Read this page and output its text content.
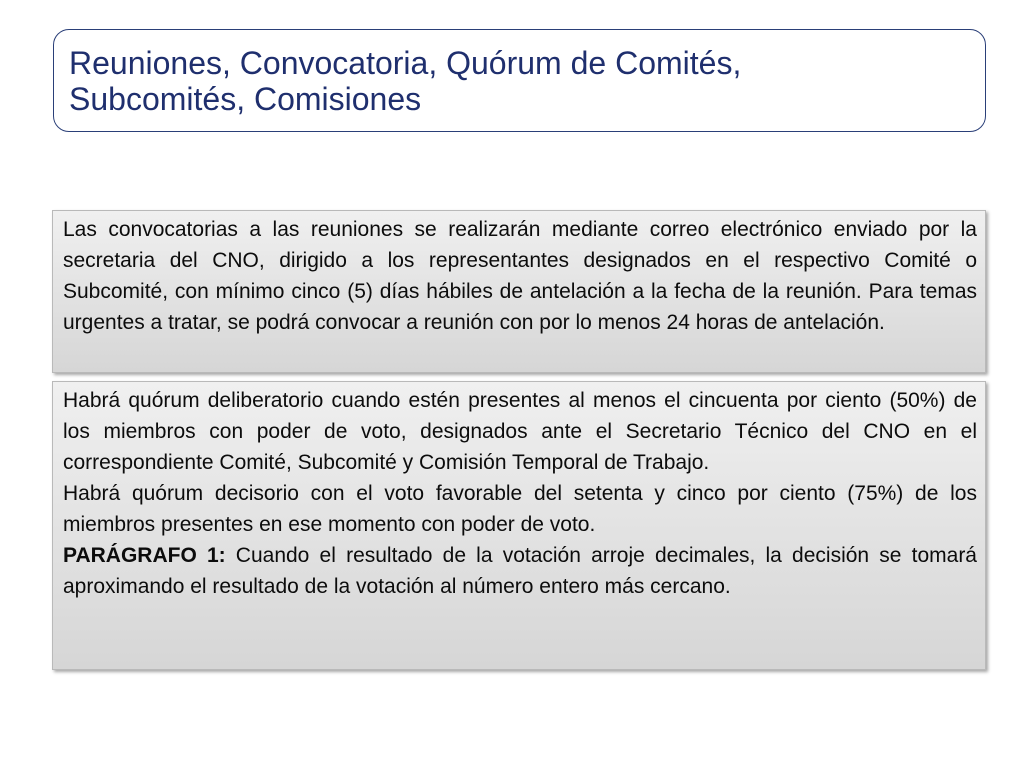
Reuniones, Convocatoria, Quórum de Comités,
Subcomités, Comisiones

Las convocatorias a las reuniones se realizarán mediante correo electrónico enviado por la secretaria del CNO, dirigido a los representantes designados en el respectivo Comité o Subcomité, con mínimo cinco (5) días hábiles de antelación a la fecha de la reunión. Para temas urgentes a tratar, se podrá convocar a reunión con por lo menos 24 horas de antelación.

Habrá quórum deliberatorio cuando estén presentes al menos el cincuenta por ciento (50%) de los miembros con poder de voto, designados ante el Secretario Técnico del CNO en el correspondiente Comité, Subcomité y Comisión Temporal de Trabajo.

Habrá quórum decisorio con el voto favorable del setenta y cinco por ciento (75%) de los miembros presentes en ese momento con poder de voto.

PARÁGRAFO 1: Cuando el resultado de la votación arroje decimales, la decisión se tomará aproximando el resultado de la votación al número entero más cercano.
